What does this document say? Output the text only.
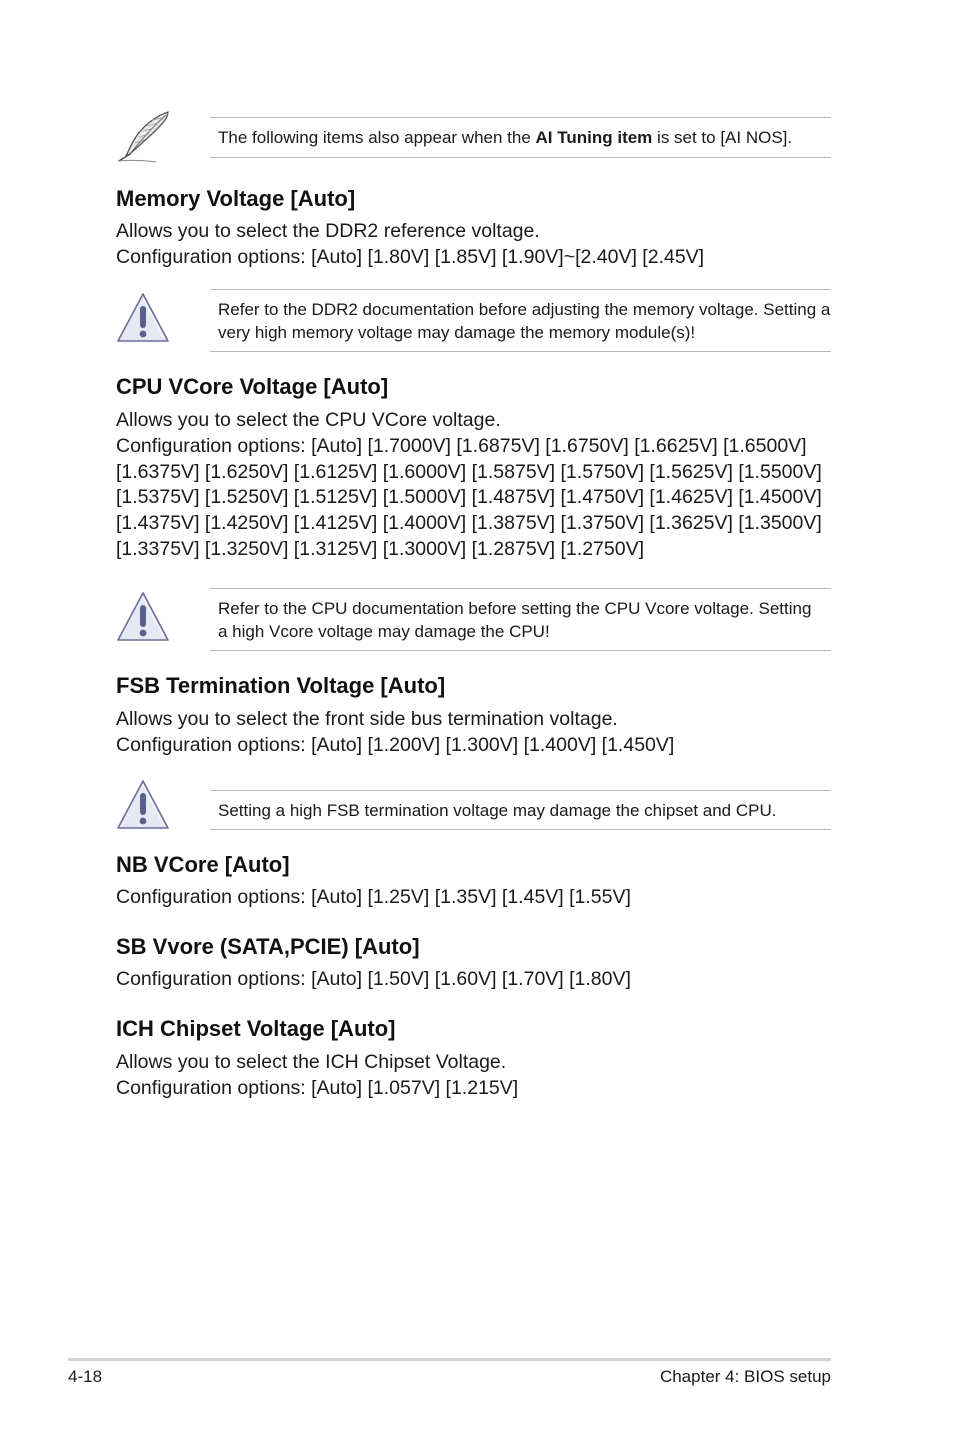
The following items also appear when the AI Tuning item is set to [AI NOS].
Memory Voltage [Auto]

Allows you to select the DDR2 reference voltage.
Configuration options: [Auto] [1.80V] [1.85V] [1.90V]~[2.40V] [2.45V]

Refer to the DDR2 documentation before adjusting the memory voltage. Setting a
very high memory voltage may damage the memory module(s)!
CPU VCore Voltage [Auto]

Allows you to select the CPU VCore voltage.
Configuration options: [Auto] [1.7000V] [1.6875V] [1.6750V] [1.6625V] [1.6500V]
[1.6375V] [1.6250V] [1.6125V] [1.6000V] [1.5875V] [1.5750V] [1.5625V] [1.5500V]
[1.5375V] [1.5250V] [1.5125V] [1.5000V] [1.4875V] [1.4750V] [1.4625V] [1.4500V]
[1.4375V] [1.4250V] [1.4125V] [1.4000V] [1.3875V] [1.3750V] [1.3625V] [1.3500V]
[1.3375V] [1.3250V] [1.3125V] [1.3000V] [1.2875V] [1.2750V]

Refer to the CPU documentation before setting the CPU Vcore voltage. Setting
a high Vcore voltage may damage the CPU!
FSB Termination Voltage [Auto]

Allows you to select the front side bus termination voltage.
Configuration options: [Auto] [1.200V] [1.300V] [1.400V] [1.450V]

Setting a high FSB termination voltage may damage the chipset and CPU.
NB VCore [Auto]

Configuration options: [Auto] [1.25V] [1.35V] [1.45V] [1.55V]

SB Vvore (SATA,PCIE) [Auto]

Configuration options: [Auto] [1.50V] [1.60V] [1.70V] [1.80V]

ICH Chipset Voltage [Auto]

Allows you to select the ICH Chipset Voltage.
Configuration options: [Auto] [1.057V] [1.215V]

4-18	Chapter 4: BIOS setup
